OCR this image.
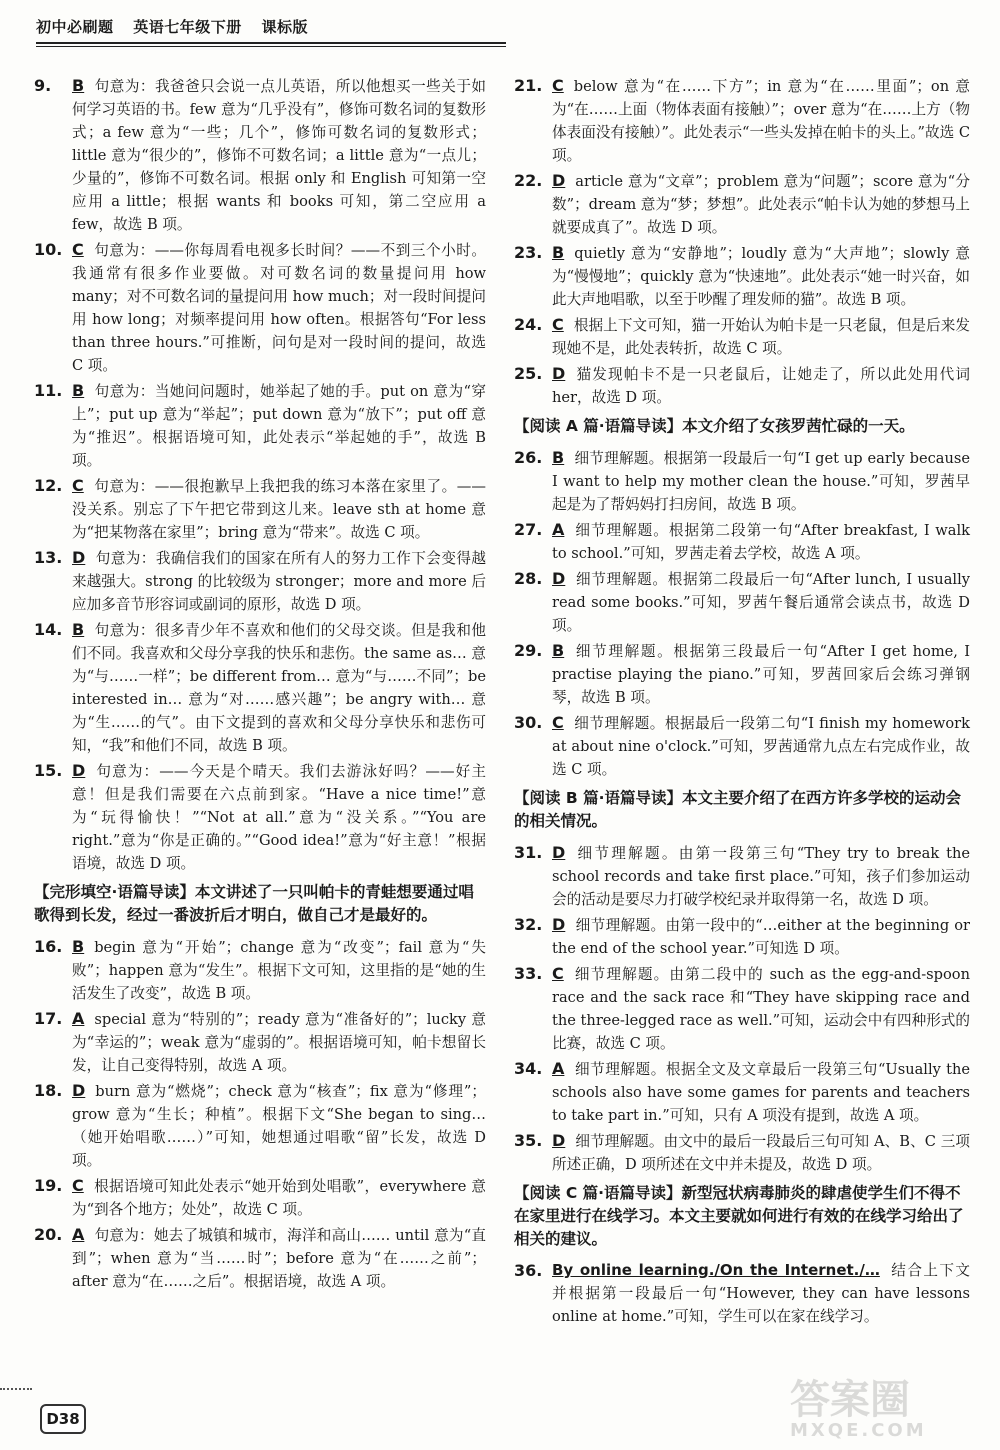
初中必刷题 英语七年级下册 课标版
9. B 句意为：我爸爸只会说一点儿英语，所以他想买一些关于如何学习英语的书。few 意为“几乎没有”，修饰可数名词的复数形式；a few 意为“一些；几个”，修饰可数名词的复数形式；little 意为“很少的”，修饰不可数名词；a little 意为“一点儿；少量的”，修饰不可数名词。根据 only 和 English 可知第一空应用 a little；根据 wants 和 books 可知，第二空应用 a few，故选 B 项。
10. C 句意为：——你每周看电视多长时间？——不到三个小时。我通常有很多作业要做。对可数名词的数量提问用 how many；对不可数名词的量提问用 how much；对一段时间提问用 how long；对频率提问用 how often。根据答句“For less than three hours.”可推断，问句是对一段时间的提问，故选 C 项。
11. B 句意为：当她问问题时，她举起了她的手。put on 意为“穿上”；put up 意为“举起”；put down 意为“放下”；put off 意为“推迟”。根据语境可知，此处表示“举起她的手”，故选 B 项。
12. C 句意为：——很抱歉早上我把我的练习本落在家里了。——没关系。别忘了下午把它带到这儿来。leave sth at home 意为“把某物落在家里”；bring 意为“带来”。故选 C 项。
13. D 句意为：我确信我们的国家在所有人的努力工作下会变得越来越强大。strong 的比较级为 stronger；more and more 后应加多音节形容词或副词的原形，故选 D 项。
14. B 句意为：很多青少年不喜欢和他们的父母交谈。但是我和他们不同。我喜欢和父母分享我的快乐和悲伤。the same as… 意为“与……一样”；be different from… 意为“与……不同”；be interested in… 意为“对……感兴趣”；be angry with… 意为“生……的气”。由下文提到的喜欢和父母分享快乐和悲伤可知，“我”和他们不同，故选 B 项。
15. D 句意为：——今天是个晴天。我们去游泳好吗？——好主意！但是我们需要在六点前到家。“Have a nice time!”意为“玩得愉快！”“Not at all.”意为“没关系。”“You are right.”意为“你是正确的。”“Good idea!”意为“好主意！”根据语境，故选 D 项。
【完形填空·语篇导读】本文讲述了一只叫帕卡的青蛙想要通过唱歌得到长发，经过一番波折后才明白，做自己才是最好的。
16. B begin 意为“开始”；change 意为“改变”；fail 意为“失败”；happen 意为“发生”。根据下文可知，这里指的是“她的生活发生了改变”，故选 B 项。
17. A special 意为“特别的”；ready 意为“准备好的”；lucky 意为“幸运的”；weak 意为“虚弱的”。根据语境可知，帕卡想留长发，让自己变得特别，故选 A 项。
18. D burn 意为“燃烧”；check 意为“核查”；fix 意为“修理”；grow 意为“生长；种植”。根据下文“She began to sing…（她开始唱歌……）”可知，她想通过唱歌“留”长发，故选 D 项。
19. C 根据语境可知此处表示“她开始到处唱歌”，everywhere 意为“到各个地方；处处”，故选 C 项。
20. A 句意为：她去了城镇和城市，海洋和高山…… until 意为“直到”；when 意为“当……时”；before 意为“在……之前”；after 意为“在……之后”。根据语境，故选 A 项。
21. C below 意为“在……下方”；in 意为“在……里面”；on 意为“在……上面（物体表面有接触）”；over 意为“在……上方（物体表面没有接触）”。此处表示“一些头发掉在帕卡的头上。”故选 C 项。
22. D article 意为“文章”；problem 意为“问题”；score 意为“分数”；dream 意为“梦；梦想”。此处表示“帕卡认为她的梦想马上就要成真了”。故选 D 项。
23. B quietly 意为“安静地”；loudly 意为“大声地”；slowly 意为“慢慢地”；quickly 意为“快速地”。此处表示“她一时兴奋，如此大声地唱歌，以至于吵醒了理发师的猫”。故选 B 项。
24. C 根据上下文可知，猫一开始认为帕卡是一只老鼠，但是后来发现她不是，此处表转折，故选 C 项。
25. D 猫发现帕卡不是一只老鼠后，让她走了，所以此处用代词 her，故选 D 项。
【阅读 A 篇·语篇导读】本文介绍了女孩罗茜忙碌的一天。
26. B 细节理解题。根据第一段最后一句“I get up early because I want to help my mother clean the house.”可知，罗茜早起是为了帮妈妈打扫房间，故选 B 项。
27. A 细节理解题。根据第二段第一句“After breakfast, I walk to school.”可知，罗茜走着去学校，故选 A 项。
28. D 细节理解题。根据第二段最后一句“After lunch, I usually read some books.”可知，罗茜午餐后通常会读点书，故选 D 项。
29. B 细节理解题。根据第三段最后一句“After I get home, I practise playing the piano.”可知，罗茜回家后会练习弹钢琴，故选 B 项。
30. C 细节理解题。根据最后一段第二句“I finish my homework at about nine o'clock.”可知，罗茜通常九点左右完成作业，故选 C 项。
【阅读 B 篇·语篇导读】本文主要介绍了在西方许多学校的运动会的相关情况。
31. D 细节理解题。由第一段第三句“They try to break the school records and take first place.”可知，孩子们参加运动会的活动是要尽力打破学校纪录并取得第一名，故选 D 项。
32. D 细节理解题。由第一段中的“…either at the beginning or the end of the school year.”可知选 D 项。
33. C 细节理解题。由第二段中的 such as the egg-and-spoon race and the sack race 和“They have skipping race and the three-legged race as well.”可知，运动会中有四种形式的比赛，故选 C 项。
34. A 细节理解题。根据全文及文章最后一段第三句“Usually the schools also have some games for parents and teachers to take part in.”可知，只有 A 项没有提到，故选 A 项。
35. D 细节理解题。由文中的最后一段最后三句可知 A、B、C 三项所述正确，D 项所述在文中并未提及，故选 D 项。
【阅读 C 篇·语篇导读】新型冠状病毒肺炎的肆虐使学生们不得不在家里进行在线学习。本文主要就如何进行有效的在线学习给出了相关的建议。
36. By online learning./On the Internet./… 结合上下文并根据第一段最后一句“However, they can have lessons online at home.”可知，学生可以在家在线学习。
D38	答案圈
MXQE.COM
